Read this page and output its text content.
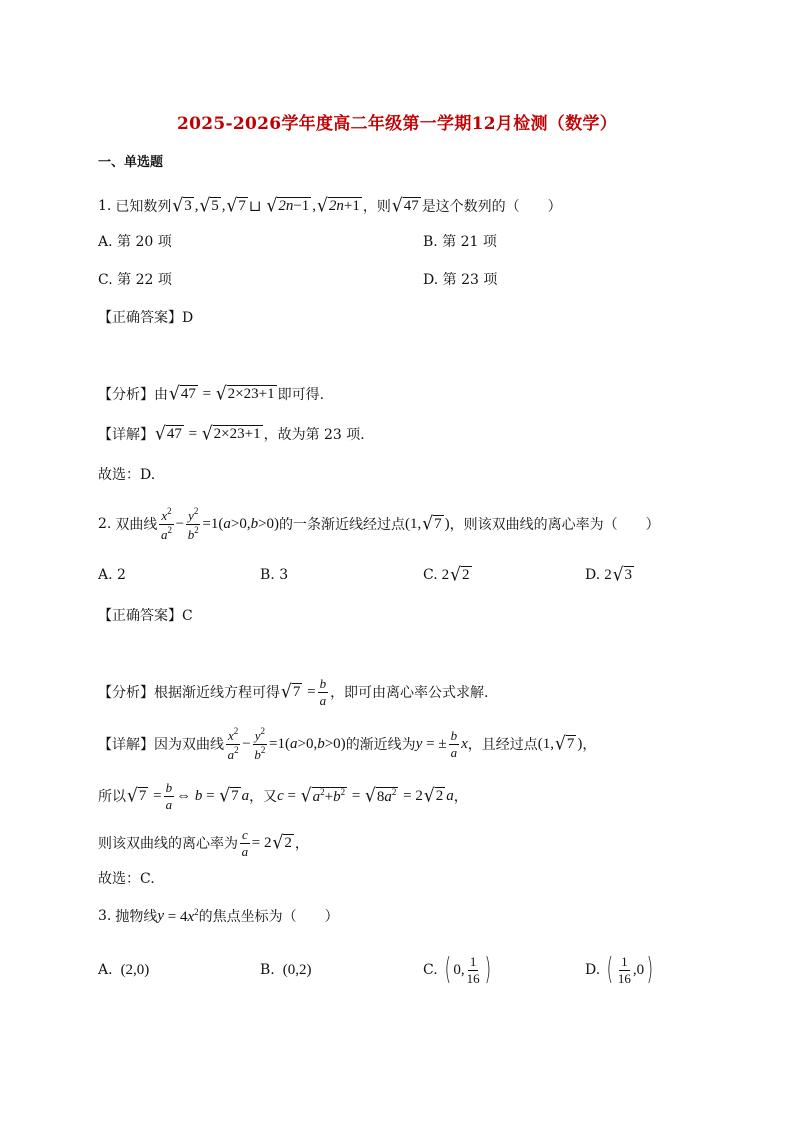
2025-2026学年度高二年级第一学期12月检测（数学）
一、单选题
1. 已知数列 √ 3 , √ 5 , √ 7 ⊔ √ 2n−1 , √ 2n+1 ，则 √ 47 是这个数列的（　　）
A. 第 20 项	B. 第 21 项
C. 第 22 项	D. 第 23 项
【正确答案】D
【分析】 由 √ 47 = √ 2×23+1 即可得.
【详解】 √ 47 = √ 2×23+1 ，故为第 23 项.
故选：D.
2. 双曲线 $\frac{x^2}{a^2} - \frac{y^2}{b^2} =1(a>0,b>0)$ 的一条渐近线经过点 (1, √ 7 ) ，则该双曲线的离心率为（　　）
A. 2	B. 3	C. 2 √ 2	D. 2 √ 3
【正确答案】C
【分析】 根据渐近线方程可得 √ $7 = \frac{b}{a}$ ，即可由离心率公式求解.
【详解】 因为双曲线 $\frac{x^2}{a^2} - \frac{y^2}{b^2} =1(a>0,b>0)$ 的渐近线为 y = ± $\frac{b}{a}$ x ，且经过点 (1, √ 7 ) ，
所以 √ $7 = \frac{b}{a}$ ⇔ b = √ 7 a ，又 c = √ $a^2+b^2$ = √ $8a^2 = 2$ √ 2 a ，
则该双曲线的离心率为 $\frac{c}{a} = 2$ √ 2 ，
故选：C.
3. 抛物线 $y = 4x^2$ 的焦点坐标为（　　）
A. (2,0)	B. (0,2)	C. ( 0, $\frac{1}{16}$ )	D. ( $\frac{1}{16} ,0$ )
